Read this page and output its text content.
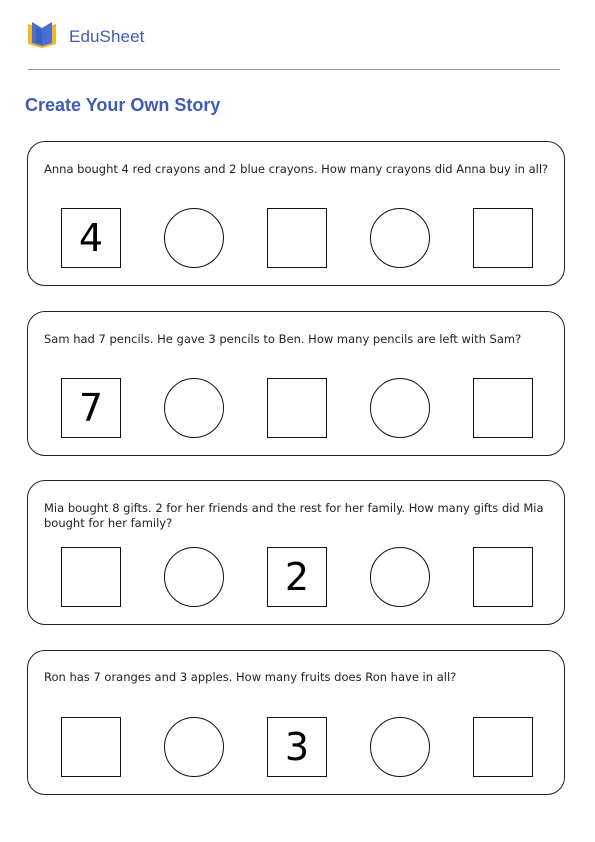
EduSheet
Create Your Own Story
Anna bought 4 red crayons and 2 blue crayons. How many crayons did Anna buy in all?
4
Sam had 7 pencils. He gave 3 pencils to Ben. How many pencils are left with Sam?
7
Mia bought 8 gifts. 2 for her friends and the rest for her family. How many gifts did Mia bought for her family?
2
Ron has 7 oranges and 3 apples. How many fruits does Ron have in all?
3
